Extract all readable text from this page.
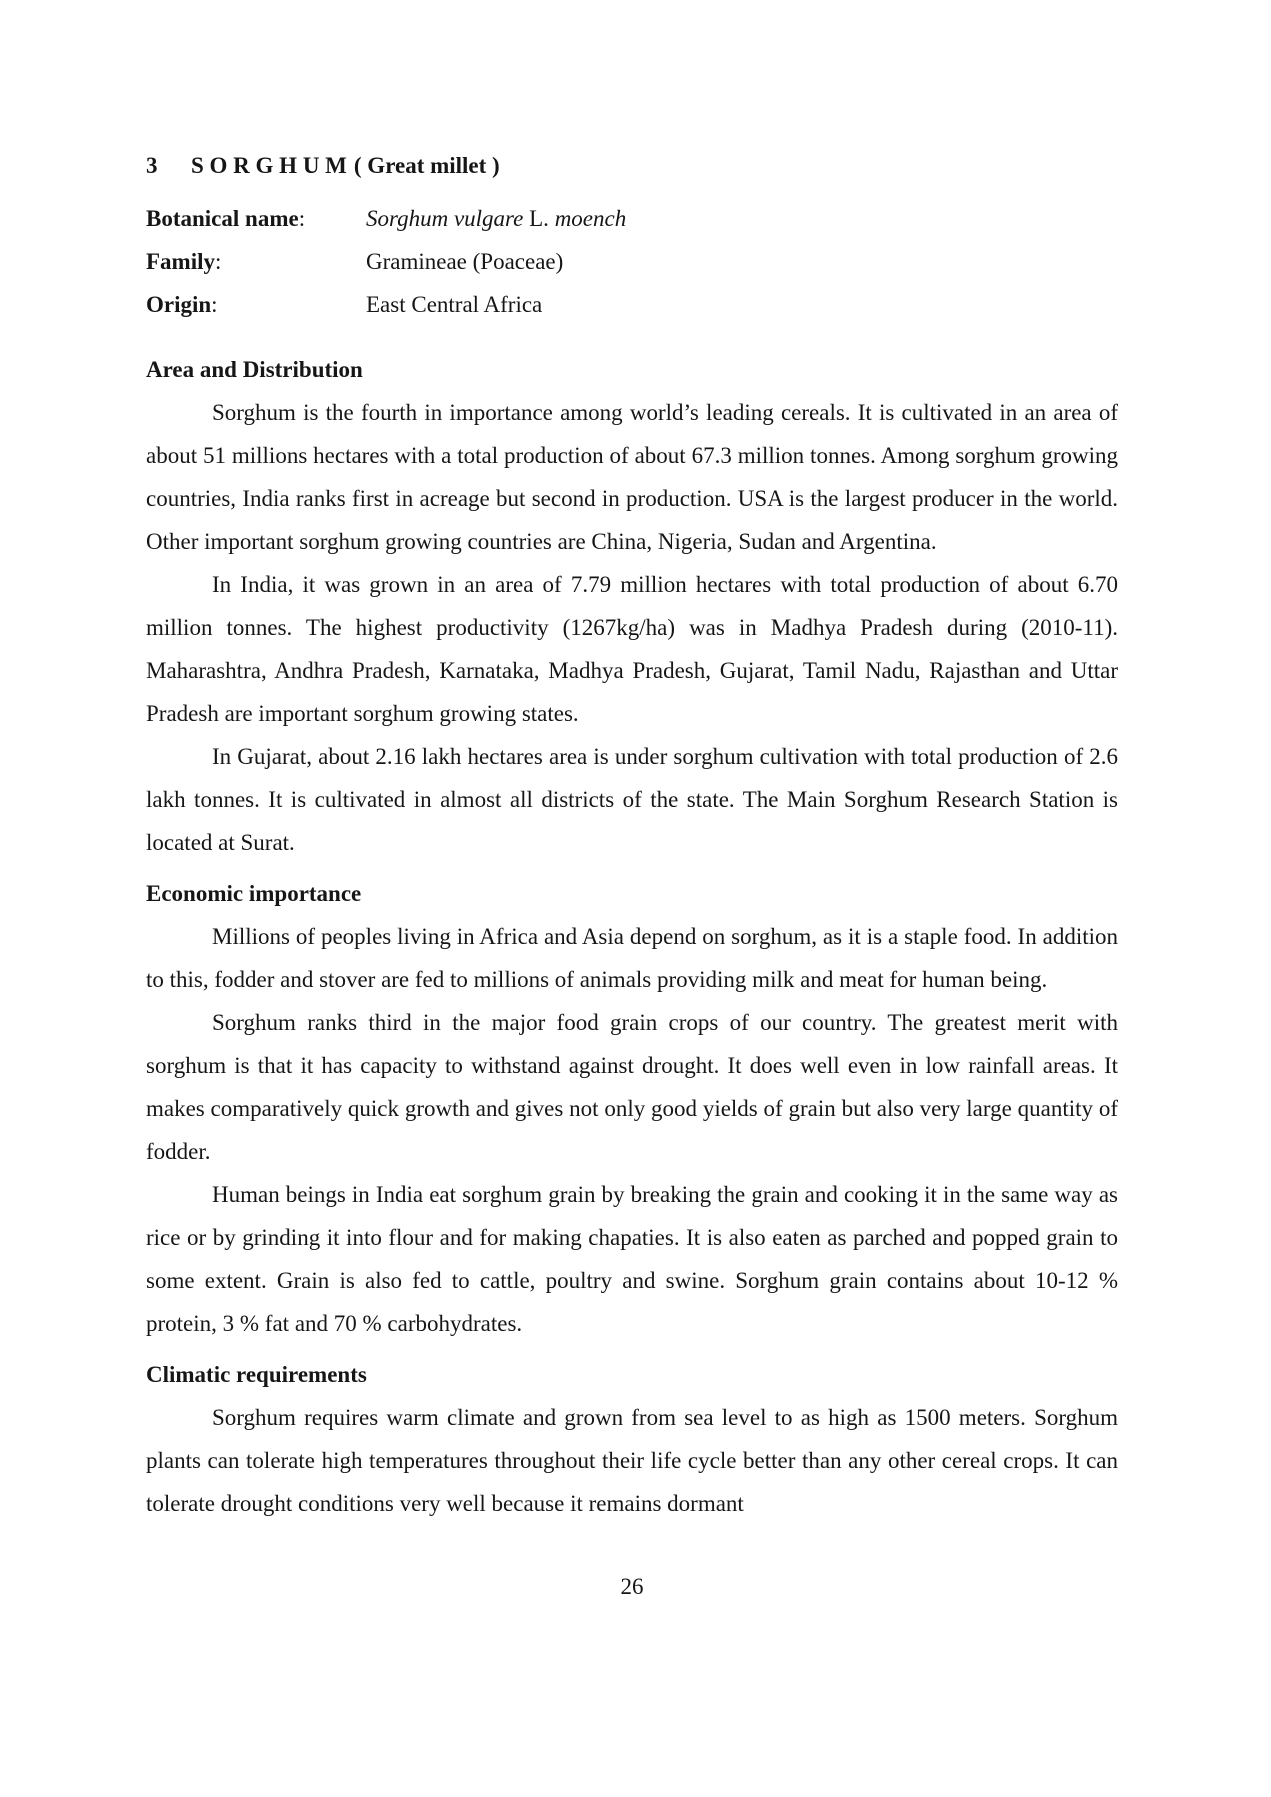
3 S O R G H U M ( Great millet )
Botanical name:	Sorghum vulgare L. moench
Family:	Gramineae (Poaceae)
Origin:	East Central Africa
Area and Distribution

Sorghum is the fourth in importance among world’s leading cereals. It is cultivated in an area of about 51 millions hectares with a total production of about 67.3 million tonnes. Among sorghum growing countries, India ranks first in acreage but second in production. USA is the largest producer in the world. Other important sorghum growing countries are China, Nigeria, Sudan and Argentina.

In India, it was grown in an area of 7.79 million hectares with total production of about 6.70 million tonnes. The highest productivity (1267kg/ha) was in Madhya Pradesh during (2010-11). Maharashtra, Andhra Pradesh, Karnataka, Madhya Pradesh, Gujarat, Tamil Nadu, Rajasthan and Uttar Pradesh are important sorghum growing states.

In Gujarat, about 2.16 lakh hectares area is under sorghum cultivation with total production of 2.6 lakh tonnes. It is cultivated in almost all districts of the state. The Main Sorghum Research Station is located at Surat.

Economic importance

Millions of peoples living in Africa and Asia depend on sorghum, as it is a staple food. In addition to this, fodder and stover are fed to millions of animals providing milk and meat for human being.

Sorghum ranks third in the major food grain crops of our country. The greatest merit with sorghum is that it has capacity to withstand against drought. It does well even in low rainfall areas. It makes comparatively quick growth and gives not only good yields of grain but also very large quantity of fodder.

Human beings in India eat sorghum grain by breaking the grain and cooking it in the same way as rice or by grinding it into flour and for making chapaties. It is also eaten as parched and popped grain to some extent. Grain is also fed to cattle, poultry and swine. Sorghum grain contains about 10-12 % protein, 3 % fat and 70 % carbohydrates.

Climatic requirements

Sorghum requires warm climate and grown from sea level to as high as 1500 meters. Sorghum plants can tolerate high temperatures throughout their life cycle better than any other cereal crops. It can tolerate drought conditions very well because it remains dormant

26
